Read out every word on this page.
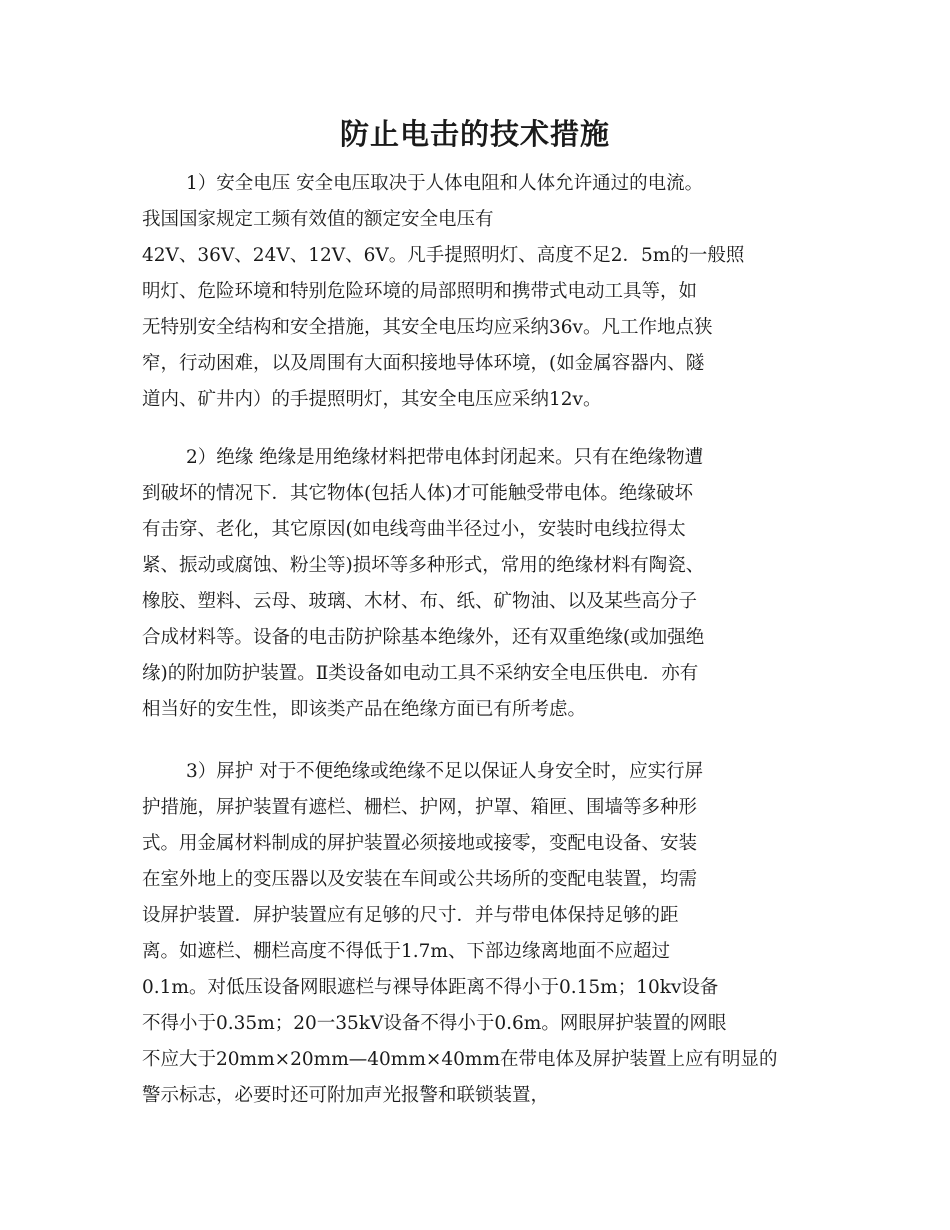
防止电击的技术措施
1）安全电压 安全电压取决于人体电阻和人体允许通过的电流。
我国国家规定工频有效值的额定安全电压有
42V、36V、24V、12V、6V。凡手提照明灯、高度不足2．5m的一般照
明灯、危险环境和特别危险环境的局部照明和携带式电动工具等，如
无特别安全结构和安全措施，其安全电压均应采纳36v。凡工作地点狭
窄，行动困难，以及周围有大面积接地导体环境，(如金属容器内、隧
道内、矿井内）的手提照明灯，其安全电压应采纳12v。
2）绝缘 绝缘是用绝缘材料把带电体封闭起来。只有在绝缘物遭
到破坏的情况下．其它物体(包括人体)才可能触受带电体。绝缘破坏
有击穿、老化，其它原因(如电线弯曲半径过小，安装时电线拉得太
紧、振动或腐蚀、粉尘等)损坏等多种形式，常用的绝缘材料有陶瓷、
橡胶、塑料、云母、玻璃、木材、布、纸、矿物油、以及某些高分子
合成材料等。设备的电击防护除基本绝缘外，还有双重绝缘(或加强绝
缘)的附加防护装置。Ⅱ类设备如电动工具不采纳安全电压供电．亦有
相当好的安生性，即该类产品在绝缘方面已有所考虑。
3）屏护 对于不便绝缘或绝缘不足以保证人身安全时，应实行屏
护措施，屏护装置有遮栏、栅栏、护网，护罩、箱匣、围墙等多种形
式。用金属材料制成的屏护装置必须接地或接零，变配电设备、安装
在室外地上的变压器以及安装在车间或公共场所的变配电装置，均需
设屏护装置．屏护装置应有足够的尺寸．并与带电体保持足够的距
离。如遮栏、棚栏高度不得低于1.7m、下部边缘离地面不应超过
0.1m。对低压设备网眼遮栏与裸导体距离不得小于0.15m；10kv设备
不得小于0.35m；20一35kV设备不得小于0.6m。网眼屏护装置的网眼
不应大于20mm×20mm—40mm×40mm在带电体及屏护装置上应有明显的
警示标志，必要时还可附加声光报警和联锁装置，
